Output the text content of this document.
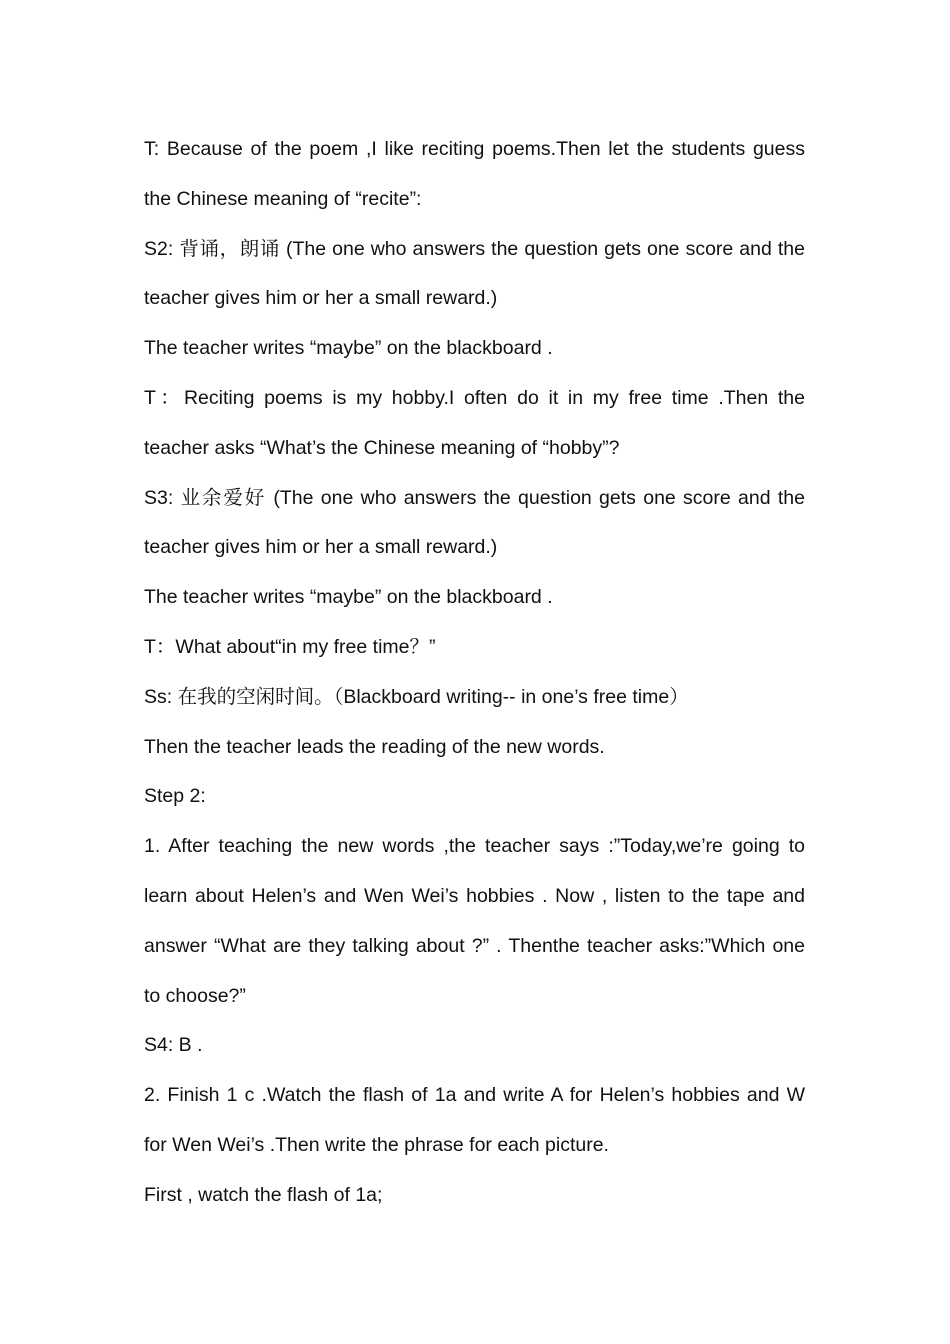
T: Because of the poem ,I like reciting poems.Then let the students guess the Chinese meaning of “recite”:

S2: 背诵，朗诵 (The one who answers the question gets one score and the teacher gives him or her a small reward.)

The teacher writes “maybe” on the blackboard .

T：Reciting poems is my hobby.I often do it in my free time .Then the teacher asks “What’s the Chinese meaning of “hobby”?

S3: 业余爱好 (The one who answers the question gets one score and the teacher gives him or her a small reward.)

The teacher writes “maybe” on the blackboard .

T：What about“in my free time？”

Ss: 在我的空闲时间。（Blackboard writing-- in one’s free time）

Then the teacher leads the reading of the new words.

Step 2:

1. After teaching the new words ,the teacher says :”Today,we’re going to learn about Helen’s and Wen Wei’s hobbies . Now , listen to the tape and answer “What are they talking about ?” . Thenthe teacher asks:”Which one to choose?”

S4: B .

2. Finish 1 c .Watch the flash of 1a and write A for Helen’s hobbies and W for Wen Wei’s .Then write the phrase for each picture.

First , watch the flash of 1a;
